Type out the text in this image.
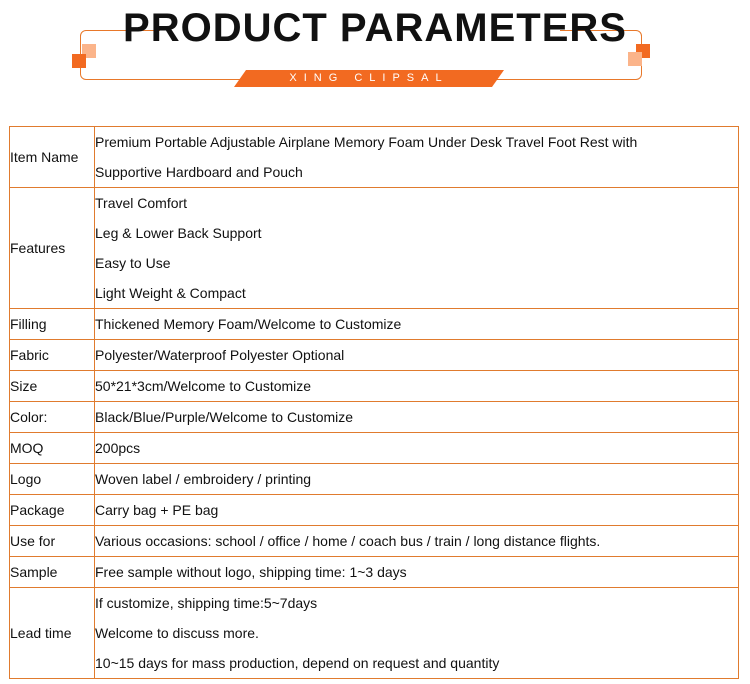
PRODUCT PARAMETERS
XING CLIPSAL
Item Name	Premium Portable Adjustable Airplane Memory Foam Under Desk Travel Foot Rest with
Supportive Hardboard and Pouch

Features	Travel Comfort
Leg & Lower Back Support
Easy to Use
Light Weight & Compact

Filling	Thickened Memory Foam/Welcome to Customize

Fabric	Polyester/Waterproof Polyester Optional

Size	50*21*3cm/Welcome to Customize

Color:	Black/Blue/Purple/Welcome to Customize

MOQ	200pcs

Logo	Woven label / embroidery / printing

Package	Carry bag + PE bag

Use for	Various occasions: school / office / home / coach bus / train / long distance flights.

Sample	Free sample without logo, shipping time: 1~3 days

Lead time	If customize, shipping time:5~7days
Welcome to discuss more.
10~15 days for mass production, depend on request and quantity
